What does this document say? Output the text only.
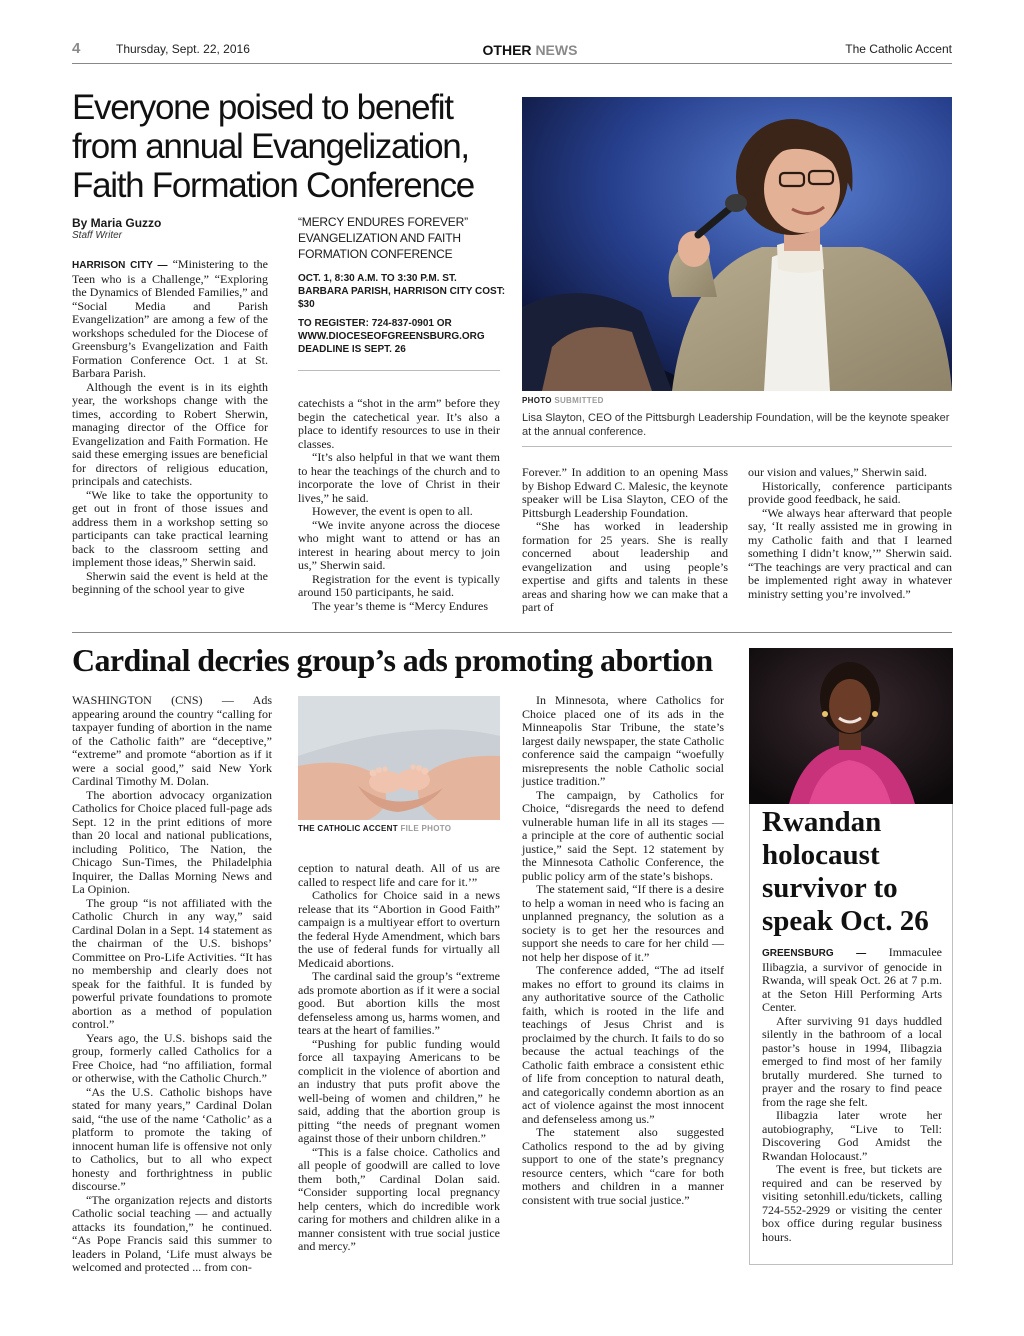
4	Thursday, Sept. 22, 2016	OTHER NEWS	The Catholic Accent
Everyone poised to benefit from annual Evangelization, Faith Formation Conference
By Maria Guzzo
Staff Writer

HARRISON CITY — “Ministering to the Teen who is a Challenge,” “Exploring the Dynamics of Blended Families,” and “Social Media and Parish Evangelization” are among a few of the workshops scheduled for the Diocese of Greensburg’s Evangelization and Faith Formation Conference Oct. 1 at St. Barbara Parish.

Although the event is in its eighth year, the workshops change with the times, according to Robert Sherwin, managing director of the Office for Evangelization and Faith Formation. He said these emerging issues are beneficial for directors of religious education, principals and catechists.

“We like to take the opportunity to get out in front of those issues and address them in a workshop setting so participants can take practical learning back to the classroom setting and implement those ideas,” Sherwin said.

Sherwin said the event is held at the beginning of the school year to give

“MERCY ENDURES FOREVER” EVANGELIZATION AND FAITH FORMATION CONFERENCE
OCT. 1, 8:30 A.M. TO 3:30 P.M. ST. BARBARA PARISH, HARRISON CITY COST: $30
TO REGISTER: 724-837-0901 OR WWW.DIOCESEOFGREENSBURG.ORG DEADLINE IS SEPT. 26

catechists a “shot in the arm” before they begin the catechetical year. It’s also a place to identify resources to use in their classes.

“It’s also helpful in that we want them to hear the teachings of the church and to incorporate the love of Christ in their lives,” he said.

However, the event is open to all.

“We invite anyone across the diocese who might want to attend or has an interest in hearing about mercy to join us,” Sherwin said.

Registration for the event is typically around 150 participants, he said.

The year’s theme is “Mercy Endures

PHOTO SUBMITTED
Lisa Slayton, CEO of the Pittsburgh Leadership Foundation, will be the keynote speaker at the annual conference.

Forever.” In addition to an opening Mass by Bishop Edward C. Malesic, the keynote speaker will be Lisa Slayton, CEO of the Pittsburgh Leadership Foundation.

“She has worked in leadership formation for 25 years. She is really concerned about leadership and evangelization and using people’s expertise and gifts and talents in these areas and sharing how we can make that a part of

our vision and values,” Sherwin said.

Historically, conference participants provide good feedback, he said.

“We always hear afterward that people say, ‘It really assisted me in growing in my Catholic faith and that I learned something I didn’t know,’” Sherwin said. “The teachings are very practical and can be implemented right away in whatever ministry setting you’re involved.”

Cardinal decries group’s ads promoting abortion

WASHINGTON (CNS) — Ads appearing around the country “calling for taxpayer funding of abortion in the name of the Catholic faith” are “deceptive,” “extreme” and promote “abortion as if it were a social good,” said New York Cardinal Timothy M. Dolan.

The abortion advocacy organization Catholics for Choice placed full-page ads Sept. 12 in the print editions of more than 20 local and national publications, including Politico, The Nation, the Chicago Sun-Times, the Philadelphia Inquirer, the Dallas Morning News and La Opinion.

The group “is not affiliated with the Catholic Church in any way,” said Cardinal Dolan in a Sept. 14 statement as the chairman of the U.S. bishops’ Committee on Pro-Life Activities. “It has no membership and clearly does not speak for the faithful. It is funded by powerful private foundations to promote abortion as a method of population control.”

Years ago, the U.S. bishops said the group, formerly called Catholics for a Free Choice, had “no affiliation, formal or otherwise, with the Catholic Church.”

“As the U.S. Catholic bishops have stated for many years,” Cardinal Dolan said, “the use of the name ‘Catholic’ as a platform to promote the taking of innocent human life is offensive not only to Catholics, but to all who expect honesty and forthrightness in public discourse.”

“The organization rejects and distorts Catholic social teaching — and actually attacks its foundation,” he continued. “As Pope Francis said this summer to leaders in Poland, ‘Life must always be welcomed and protected ... from con-

THE CATHOLIC ACCENT FILE PHOTO

ception to natural death. All of us are called to respect life and care for it.’”

Catholics for Choice said in a news release that its “Abortion in Good Faith” campaign is a multiyear effort to overturn the federal Hyde Amendment, which bars the use of federal funds for virtually all Medicaid abortions.

The cardinal said the group’s “extreme ads promote abortion as if it were a social good. But abortion kills the most defenseless among us, harms women, and tears at the heart of families.”

“Pushing for public funding would force all taxpaying Americans to be complicit in the violence of abortion and an industry that puts profit above the well-being of women and children,” he said, adding that the abortion group is pitting “the needs of pregnant women against those of their unborn children.”

“This is a false choice. Catholics and all people of goodwill are called to love them both,” Cardinal Dolan said. “Consider supporting local pregnancy help centers, which do incredible work caring for mothers and children alike in a manner consistent with true social justice and mercy.”

In Minnesota, where Catholics for Choice placed one of its ads in the Minneapolis Star Tribune, the state’s largest daily newspaper, the state Catholic conference said the campaign “woefully misrepresents the noble Catholic social justice tradition.”

The campaign, by Catholics for Choice, “disregards the need to defend vulnerable human life in all its stages — a principle at the core of authentic social justice,” said the Sept. 12 statement by the Minnesota Catholic Conference, the public policy arm of the state’s bishops.

The statement said, “If there is a desire to help a woman in need who is facing an unplanned pregnancy, the solution as a society is to get her the resources and support she needs to care for her child — not help her dispose of it.”

The conference added, “The ad itself makes no effort to ground its claims in any authoritative source of the Catholic faith, which is rooted in the life and teachings of Jesus Christ and is proclaimed by the church. It fails to do so because the actual teachings of the Catholic faith embrace a consistent ethic of life from conception to natural death, and categorically condemn abortion as an act of violence against the most innocent and defenseless among us.”

The statement also suggested Catholics respond to the ad by giving support to one of the state’s pregnancy resource centers, which “care for both mothers and children in a manner consistent with true social justice.”

Rwandan holocaust survivor to speak Oct. 26

GREENSBURG — Immaculee Ilibagzia, a survivor of genocide in Rwanda, will speak Oct. 26 at 7 p.m. at the Seton Hill Performing Arts Center.

After surviving 91 days huddled silently in the bathroom of a local pastor’s house in 1994, Ilibagzia emerged to find most of her family brutally murdered. She turned to prayer and the rosary to find peace from the rage she felt.

Ilibagzia later wrote her autobiography, “Live to Tell: Discovering God Amidst the Rwandan Holocaust.”

The event is free, but tickets are required and can be reserved by visiting setonhill.edu/tickets, calling 724-552-2929 or visiting the center box office during regular business hours.
